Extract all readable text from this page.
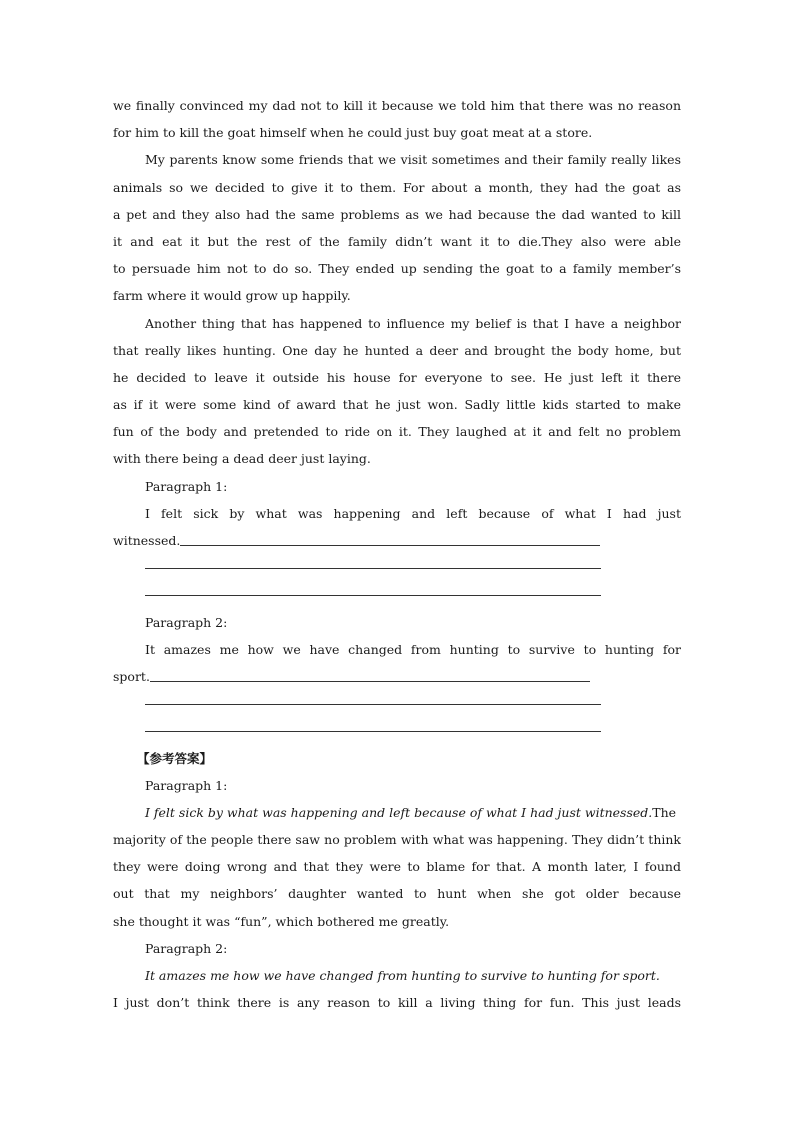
we finally convinced my dad not to kill it because we told him that there was no reason
for him to kill the goat himself when he could just buy goat meat at a store.
My parents know some friends that we visit sometimes and their family really likes
animals so we decided to give it to them. For about a month, they had the goat as
a pet and they also had the same problems as we had because the dad wanted to kill
it and eat it but the rest of the family didn’t want it to die.They also were able
to persuade him not to do so. They ended up sending the goat to a family member’s
farm where it would grow up happily.
Another thing that has happened to influence my belief is that I have a neighbor
that really likes hunting. One day he hunted a deer and brought the body home, but
he decided to leave it outside his house for everyone to see. He just left it there
as if it were some kind of award that he just won. Sadly little kids started to make
fun of the body and pretended to ride on it. They laughed at it and felt no problem
with there being a dead deer just laying.
Paragraph 1:
I felt sick by what was happening and left because of what I had just
witnessed.
Paragraph 2:
It amazes me how we have changed from hunting to survive to hunting for
sport.
【参考答案】
Paragraph 1:
I felt sick by what was happening and left because of what I had just witnessed.The
majority of the people there saw no problem with what was happening. They didn’t think
they were doing wrong and that they were to blame for that. A month later, I found
out that my neighbors’ daughter wanted to hunt when she got older because
she thought it was “fun”, which bothered me greatly.
Paragraph 2:
It amazes me how we have changed from hunting to survive to hunting for sport.
I just don’t think there is any reason to kill a living thing for fun. This just leads
